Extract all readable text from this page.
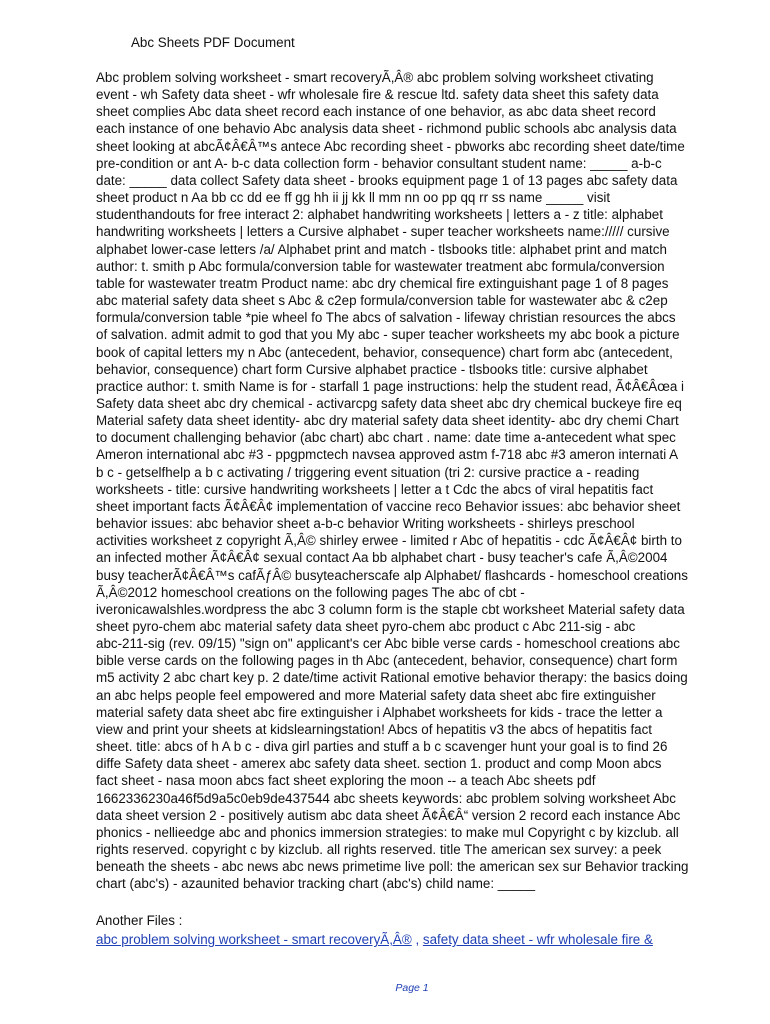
Abc Sheets PDF Document
Abc problem solving worksheet - smart recoveryÃ,Â® abc problem solving worksheet ctivating
event - wh Safety data sheet - wfr wholesale fire & rescue ltd. safety data sheet this safety data
sheet complies Abc data sheet record each instance of one behavior, as abc data sheet record
each instance of one behavio Abc analysis data sheet - richmond public schools abc analysis data
sheet looking at abcÃ¢Â€Â™s antece Abc recording sheet - pbworks abc recording sheet date/time
pre-condition or ant A- b-c data collection form - behavior consultant student name: _____ a-b-c
date: _____ data collect Safety data sheet - brooks equipment page 1 of 13 pages abc safety data
sheet product n Aa bb cc dd ee ff gg hh ii jj kk ll mm nn oo pp qq rr ss name _____ visit
studenthandouts for free interact 2: alphabet handwriting worksheets | letters a - z title: alphabet
handwriting worksheets | letters a Cursive alphabet - super teacher worksheets name:///// cursive
alphabet lower-case letters /a/ Alphabet print and match - tlsbooks title: alphabet print and match
author: t. smith p Abc formula/conversion table for wastewater treatment abc formula/conversion
table for wastewater treatm Product name: abc dry chemical fire extinguishant page 1 of 8 pages
abc material safety data sheet s Abc & c2ep formula/conversion table for wastewater abc & c2ep
formula/conversion table *pie wheel fo The abcs of salvation - lifeway christian resources the abcs
of salvation. admit admit to god that you My abc - super teacher worksheets my abc book a picture
book of capital letters my n Abc (antecedent, behavior, consequence) chart form abc (antecedent,
behavior, consequence) chart form Cursive alphabet practice - tlsbooks title: cursive alphabet
practice author: t. smith Name is for - starfall 1 page instructions: help the student read, Ã¢Â€Âœa i
Safety data sheet abc dry chemical - activarcpg safety data sheet abc dry chemical buckeye fire eq
Material safety data sheet identity- abc dry material safety data sheet identity- abc dry chemi Chart
to document challenging behavior (abc chart) abc chart . name: date time a-antecedent what spec
Ameron international abc #3 - ppgpmctech navsea approved astm f-718 abc #3 ameron internati A
b c - getselfhelp a b c activating / triggering event situation (tri 2: cursive practice a - reading
worksheets - title: cursive handwriting worksheets | letter a t Cdc the abcs of viral hepatitis fact
sheet important facts Ã¢Â€Â¢ implementation of vaccine reco Behavior issues: abc behavior sheet
behavior issues: abc behavior sheet a-b-c behavior Writing worksheets - shirleys preschool
activities worksheet z copyright Ã,Â© shirley erwee - limited r Abc of hepatitis - cdc Ã¢Â€Â¢ birth to
an infected mother Ã¢Â€Â¢ sexual contact Aa bb alphabet chart - busy teacher's cafe Ã,Â©2004
busy teacherÃ¢Â€Â™s cafÃƒÂ© busyteacherscafe alp Alphabet/ flashcards - homeschool creations
Ã,Â©2012 homeschool creations on the following pages The abc of cbt -
iveronicawalshles.wordpress the abc 3 column form is the staple cbt worksheet Material safety data
sheet pyro-chem abc material safety data sheet pyro-chem abc product c Abc 211-sig - abc
abc-211-sig (rev. 09/15) "sign on" applicant's cer Abc bible verse cards - homeschool creations abc
bible verse cards on the following pages in th Abc (antecedent, behavior, consequence) chart form
m5 activity 2 abc chart key p. 2 date/time activit Rational emotive behavior therapy: the basics doing
an abc helps people feel empowered and more Material safety data sheet abc fire extinguisher
material safety data sheet abc fire extinguisher i Alphabet worksheets for kids - trace the letter a
view and print your sheets at kidslearningstation! Abcs of hepatitis v3 the abcs of hepatitis fact
sheet. title: abcs of h A b c - diva girl parties and stuff a b c scavenger hunt your goal is to find 26
diffe Safety data sheet - amerex abc safety data sheet. section 1. product and comp Moon abcs
fact sheet - nasa moon abcs fact sheet exploring the moon -- a teach Abc sheets pdf
1662336230a46f5d9a5c0eb9de437544 abc sheets keywords: abc problem solving worksheet Abc
data sheet version 2 - positively autism abc data sheet Ã¢Â€Â“ version 2 record each instance Abc
phonics - nellieedge abc and phonics immersion strategies: to make mul Copyright c by kizclub. all
rights reserved. copyright c by kizclub. all rights reserved. title The american sex survey: a peek
beneath the sheets - abc news abc news primetime live poll: the american sex sur Behavior tracking
chart (abc's) - azaunited behavior tracking chart (abc's) child name: _____
Another Files :
abc problem solving worksheet - smart recoveryÃ,Â® , safety data sheet - wfr wholesale fire &
Page 1
